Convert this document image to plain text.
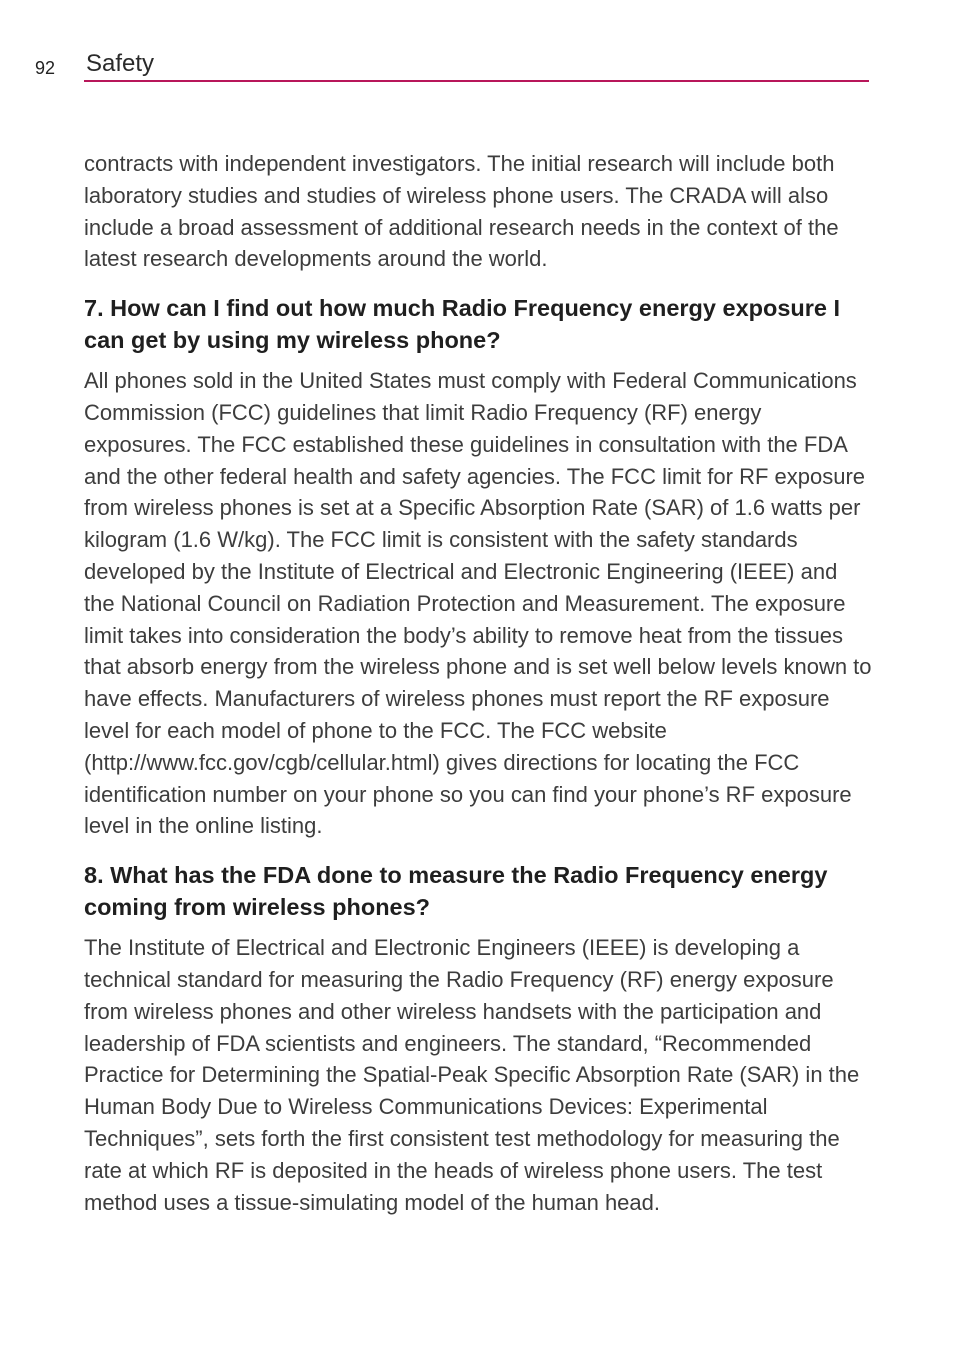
92 Safety

contracts with independent investigators. The initial research will include both laboratory studies and studies of wireless phone users. The CRADA will also include a broad assessment of additional research needs in the context of the latest research developments around the world.

7. How can I find out how much Radio Frequency energy exposure I can get by using my wireless phone?

All phones sold in the United States must comply with Federal Communications Commission (FCC) guidelines that limit Radio Frequency (RF) energy exposures. The FCC established these guidelines in consultation with the FDA and the other federal health and safety agencies. The FCC limit for RF exposure from wireless phones is set at a Specific Absorption Rate (SAR) of 1.6 watts per kilogram (1.6 W/kg). The FCC limit is consistent with the safety standards developed by the Institute of Electrical and Electronic Engineering (IEEE) and the National Council on Radiation Protection and Measurement. The exposure limit takes into consideration the body’s ability to remove heat from the tissues that absorb energy from the wireless phone and is set well below levels known to have effects. Manufacturers of wireless phones must report the RF exposure level for each model of phone to the FCC. The FCC website (http://www.fcc.gov/cgb/cellular.html) gives directions for locating the FCC identification number on your phone so you can find your phone’s RF exposure level in the online listing.

8. What has the FDA done to measure the Radio Frequency energy coming from wireless phones?

The Institute of Electrical and Electronic Engineers (IEEE) is developing a technical standard for measuring the Radio Frequency (RF) energy exposure from wireless phones and other wireless handsets with the participation and leadership of FDA scientists and engineers. The standard, “Recommended Practice for Determining the Spatial-Peak Specific Absorption Rate (SAR) in the Human Body Due to Wireless Communications Devices: Experimental Techniques”, sets forth the first consistent test methodology for measuring the rate at which RF is deposited in the heads of wireless phone users. The test method uses a tissue-simulating model of the human head.
